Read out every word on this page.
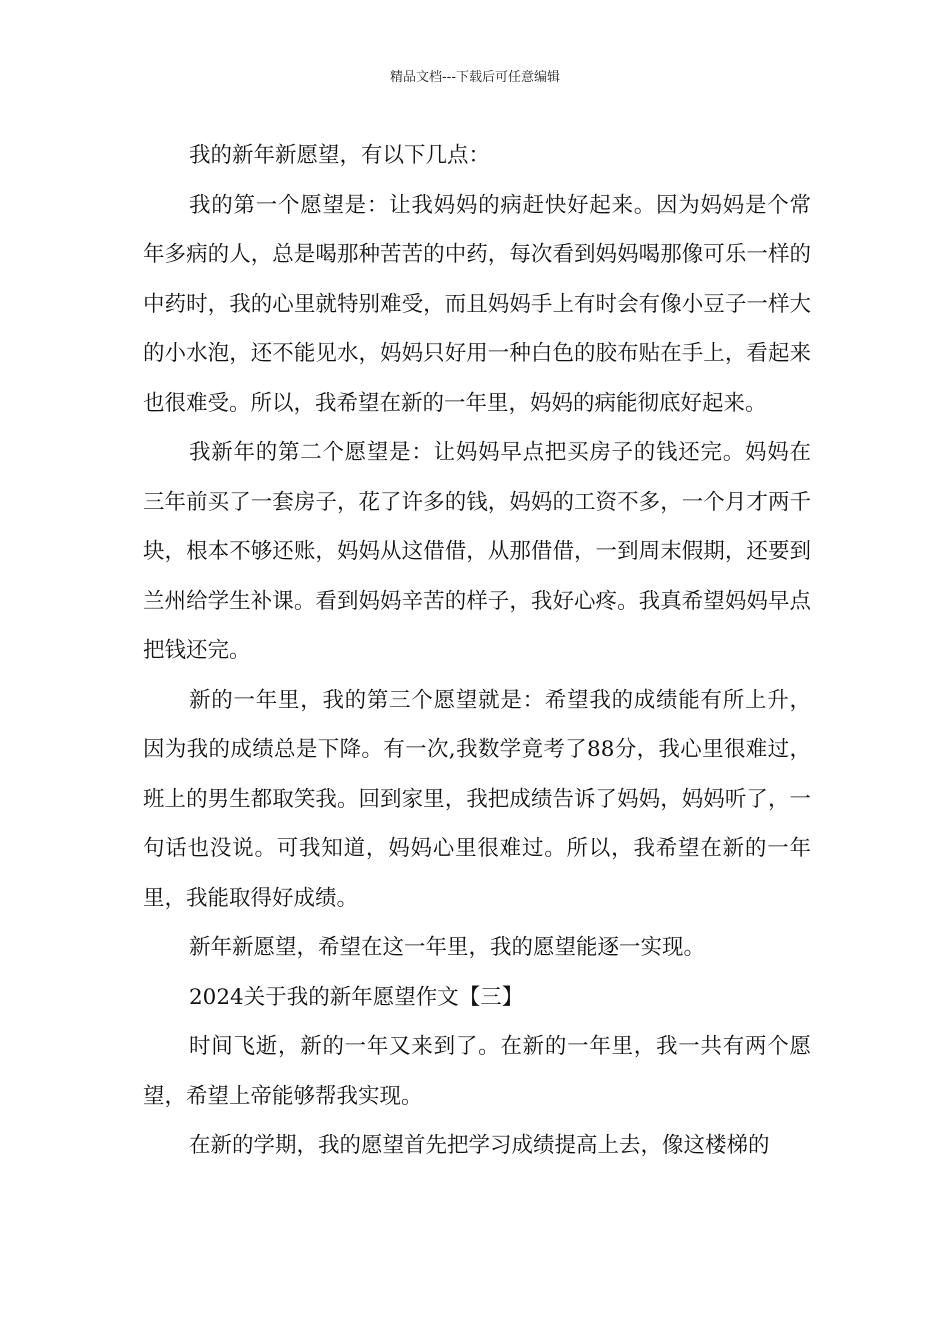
精品文档---下载后可任意编辑

我的新年新愿望，有以下几点：

我的第一个愿望是：让我妈妈的病赶快好起来。因为妈妈是个常年多病的人，总是喝那种苦苦的中药，每次看到妈妈喝那像可乐一样的中药时，我的心里就特别难受，而且妈妈手上有时会有像小豆子一样大的小水泡，还不能见水，妈妈只好用一种白色的胶布贴在手上，看起来也很难受。所以，我希望在新的一年里，妈妈的病能彻底好起来。

我新年的第二个愿望是：让妈妈早点把买房子的钱还完。妈妈在三年前买了一套房子，花了许多的钱，妈妈的工资不多，一个月才两千块，根本不够还账，妈妈从这借借，从那借借，一到周末假期，还要到兰州给学生补课。看到妈妈辛苦的样子，我好心疼。我真希望妈妈早点把钱还完。

新的一年里，我的第三个愿望就是：希望我的成绩能有所上升，因为我的成绩总是下降。有一次,我数学竟考了88分，我心里很难过，班上的男生都取笑我。回到家里，我把成绩告诉了妈妈，妈妈听了，一句话也没说。可我知道，妈妈心里很难过。所以，我希望在新的一年里，我能取得好成绩。

新年新愿望，希望在这一年里，我的愿望能逐一实现。

2024关于我的新年愿望作文【三】

时间飞逝，新的一年又来到了。在新的一年里，我一共有两个愿望，希望上帝能够帮我实现。

在新的学期，我的愿望首先把学习成绩提高上去，像这楼梯的
